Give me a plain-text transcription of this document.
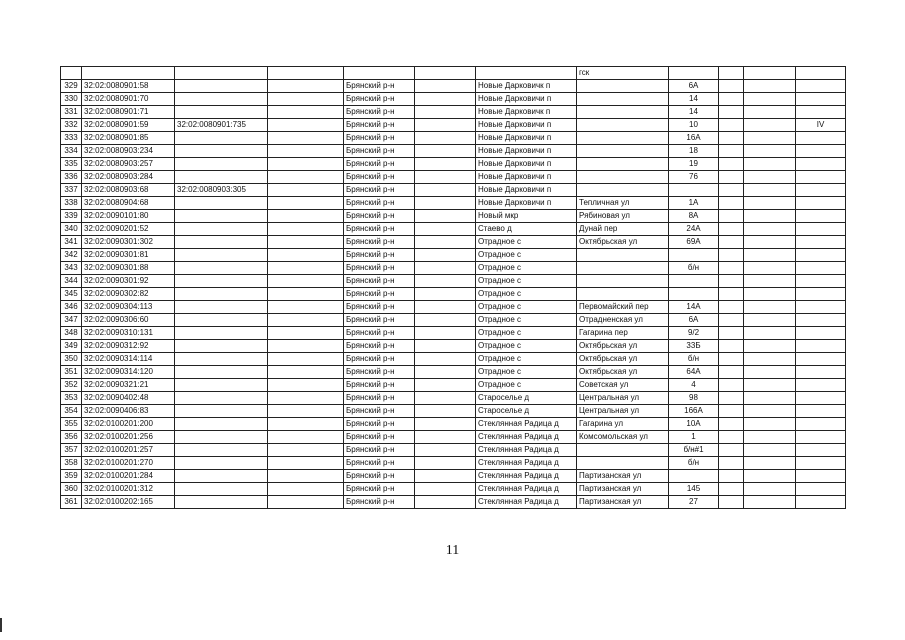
							гск				
329	32:02:0080901:58			Брянский р-н		Новые Дарковичк п		6А			
330	32:02:0080901:70			Брянский р-н		Новые Дарковичи п		14			
331	32:02:0080901:71			Брянский р-н		Новые Дарковичк п		14			
332	32:02:0080901:59	32:02:0080901:735		Брянский р-н		Новые Дарковичи п		10			IV
333	32:02:0080901:85			Брянский р-н		Новые Дарковичи п		16А			
334	32:02:0080903:234			Брянский р-н		Новые Дарковичи п		18			
335	32:02:0080903:257			Брянский р-н		Новые Дарковичи п		19			
336	32:02:0080903:284			Брянский р-н		Новые Дарковичи п		76			
337	32:02:0080903:68	32:02:0080903:305		Брянский р-н		Новые Дарковичи п					
338	32:02:0080904:68			Брянский р-н		Новые Дарковичи п	Тепличная ул	1А			
339	32:02:0090101:80			Брянский р-н		Новый мкр	Рябиновая ул	8А			
340	32:02:0090201:52			Брянский р-н		Стаево д	Дунай пер	24А			
341	32:02:0090301:302			Брянский р-н		Отрадное с	Октябрьская ул	69А			
342	32:02:0090301:81			Брянский р-н		Отрадное с					
343	32:02:0090301:88			Брянский р-н		Отрадное с		б/н			
344	32:02:0090301:92			Брянский р-н		Отрадное с					
345	32:02:0090302:82			Брянский р-н		Отрадное с					
346	32:02:0090304:113			Брянский р-н		Отрадное с	Первомайский пер	14А			
347	32:02:0090306:60			Брянский р-н		Отрадное с	Отрадненская ул	6А			
348	32:02:0090310:131			Брянский р-н		Отрадное с	Гагарина пер	9/2			
349	32:02:0090312:92			Брянский р-н		Отрадное с	Октябрьская ул	33Б			
350	32:02:0090314:114			Брянский р-н		Отрадное с	Октябрьская ул	б/н			
351	32:02:0090314:120			Брянский р-н		Отрадное с	Октябрьская ул	64А			
352	32:02:0090321:21			Брянский р-н		Отрадное с	Советская ул	4			
353	32:02:0090402:48			Брянский р-н		Староселье д	Центральная ул	98			
354	32:02:0090406:83			Брянский р-н		Староселье д	Центральная ул	166А			
355	32:02:0100201:200			Брянский р-н		Стеклянная Радица д	Гагарина ул	10А			
356	32:02:0100201:256			Брянский р-н		Стеклянная Радица д	Комсомольская ул	1			
357	32:02:0100201:257			Брянский р-н		Стеклянная Радица д		б/н#1			
358	32:02:0100201:270			Брянский р-н		Стеклянная Радица д		б/н			
359	32:02:0100201:284			Брянский р-н		Стеклянная Радица д	Партизанская ул				
360	32:02:0100201:312			Брянский р-н		Стеклянная Радица д	Партизанская ул	145			
361	32:02:0100202:165			Брянский р-н		Стеклянная Радица д	Партизанская ул	27			
11
